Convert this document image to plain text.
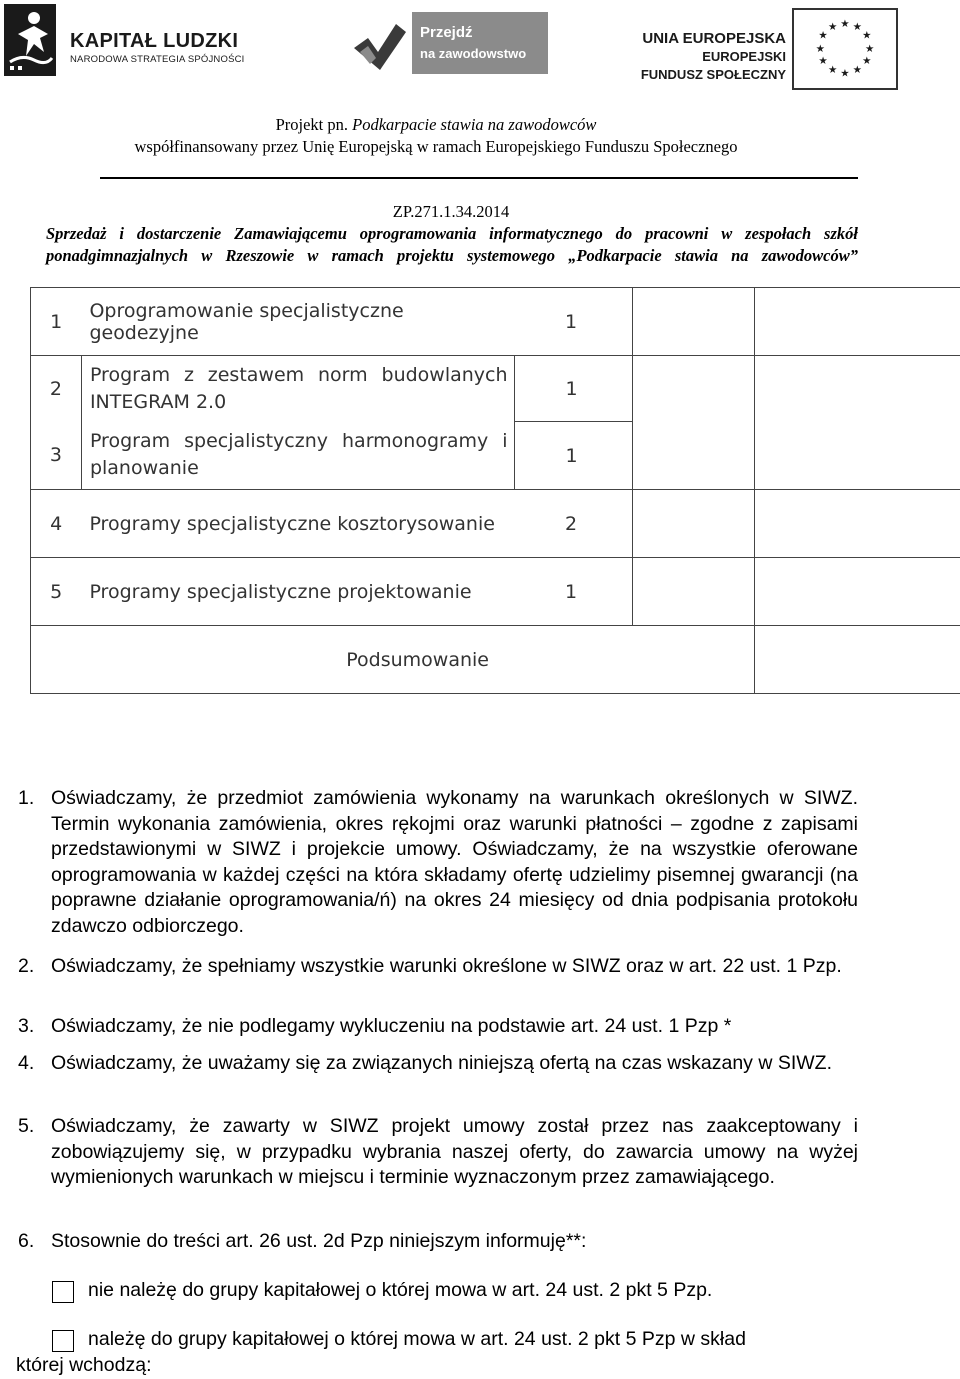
KAPITAŁ LUDZKI
NARODOWA STRATEGIA SPÓJNOŚCI
Przejdź
na zawodowstwo
UNIA EUROPEJSKA
EUROPEJSKI
FUNDUSZ SPOŁECZNY
★ ★
★
★
★
★
★
★
★
★
★
★
Projekt pn. Podkarpacie stawia na zawodowców
współfinansowany przez Unię Europejską w ramach Europejskiego Funduszu Społecznego
ZP.271.1.34.2014
Sprzedaż i dostarczenie Zamawiającemu oprogramowania informatycznego do pracowni w zespołach szkół
ponadgimnazjalnych w Rzeszowie w ramach projektu systemowego „Podkarpacie stawia na zawodowców”
1	Oprogramowanie specjalistyczne geodezyjne	1		
2	Program z zestawem norm budowlanych INTEGRAM 2.0	1		
3	Program specjalistyczny harmonogramy i planowanie	1		
4	Programy specjalistyczne kosztorysowanie	2		
5	Programy specjalistyczne projektowanie	1		
Podsumowanie				
1. Oświadczamy, że przedmiot zamówienia wykonamy na warunkach określonych w SIWZ. Termin wykonania zamówienia, okres rękojmi oraz warunki płatności – zgodne z zapisami przedstawionymi w SIWZ i projekcie umowy. Oświadczamy, że na wszystkie oferowane oprogramowania w każdej części na która składamy ofertę udzielimy pisemnej gwarancji (na poprawne działanie oprogramowania/ń) na okres 24 miesięcy od dnia podpisania protokołu zdawczo odbiorczego.
2. Oświadczamy, że spełniamy wszystkie warunki określone w SIWZ oraz w art. 22 ust. 1 Pzp.
3. Oświadczamy, że nie podlegamy wykluczeniu na podstawie art. 24 ust. 1 Pzp *
4. Oświadczamy, że uważamy się za związanych niniejszą ofertą na czas wskazany w SIWZ.
5. Oświadczamy, że zawarty w SIWZ projekt umowy został przez nas zaakceptowany i zobowiązujemy się, w przypadku wybrania naszej oferty, do zawarcia umowy na wyżej wymienionych warunkach w miejscu i terminie wyznaczonym przez zamawiającego.
6. Stosownie do treści art. 26 ust. 2d Pzp niniejszym informuję**:
nie należę do grupy kapitałowej o której mowa w art. 24 ust. 2 pkt 5 Pzp.
należę do grupy kapitałowej o której mowa w art. 24 ust. 2 pkt 5 Pzp w skład
której wchodzą:
